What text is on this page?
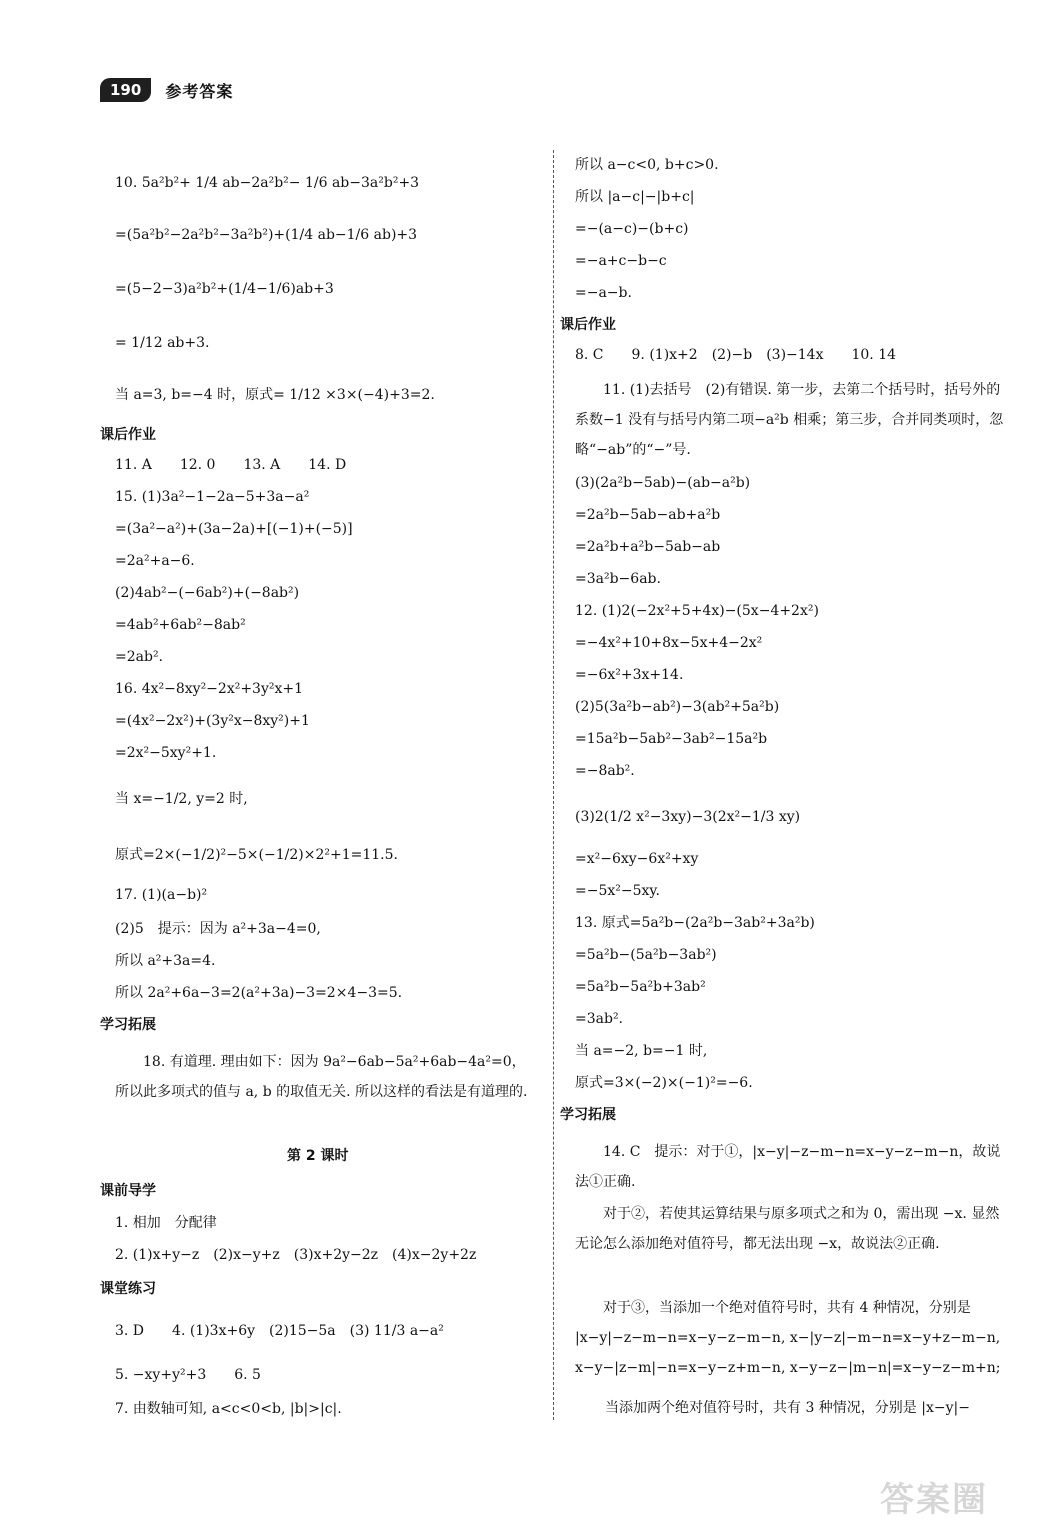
190	参考答案
10. 5a²b²+ 1/4 ab−2a²b²− 1/6 ab−3a²b²+3
=(5a²b²−2a²b²−3a²b²)+(1/4 ab−1/6 ab)+3
=(5−2−3)a²b²+(1/4−1/6)ab+3
= 1/12 ab+3.
当 a=3, b=−4 时，原式= 1/12 ×3×(−4)+3=2.
课后作业
11. A　　12. 0　　13. A　　14. D
15. (1)3a²−1−2a−5+3a−a²
=(3a²−a²)+(3a−2a)+[(−1)+(−5)]
=2a²+a−6.
(2)4ab²−(−6ab²)+(−8ab²)
=4ab²+6ab²−8ab²
=2ab².
16. 4x²−8xy²−2x²+3y²x+1
=(4x²−2x²)+(3y²x−8xy²)+1
=2x²−5xy²+1.
当 x=−1/2, y=2 时,
原式=2×(−1/2)²−5×(−1/2)×2²+1=11.5.
17. (1)(a−b)²
(2)5　提示：因为 a²+3a−4=0,
所以 a²+3a=4.
所以 2a²+6a−3=2(a²+3a)−3=2×4−3=5.
学习拓展
课前导学
1. 相加　分配律
2. (1)x+y−z　(2)x−y+z　(3)x+2y−2z　(4)x−2y+2z
课堂练习
3. D　　4. (1)3x+6y　(2)15−5a　(3) 11/3 a−a²
5. −xy+y²+3　　6. 5
7. 由数轴可知, a<c<0<b, |b|>|c|.
所以 a−c<0, b+c>0.
所以 |a−c|−|b+c|
=−(a−c)−(b+c)
=−a+c−b−c
=−a−b.
课后作业
8. C　　9. (1)x+2　(2)−b　(3)−14x　　10. 14
(3)(2a²b−5ab)−(ab−a²b)
=2a²b−5ab−ab+a²b
=2a²b+a²b−5ab−ab
=3a²b−6ab.
12. (1)2(−2x²+5+4x)−(5x−4+2x²)
=−4x²+10+8x−5x+4−2x²
=−6x²+3x+14.
(2)5(3a²b−ab²)−3(ab²+5a²b)
=15a²b−5ab²−3ab²−15a²b
=−8ab².
(3)2(1/2 x²−3xy)−3(2x²−1/3 xy)
=x²−6xy−6x²+xy
=−5x²−5xy.
13. 原式=5a²b−(2a²b−3ab²+3a²b)
=5a²b−(5a²b−3ab²)
=5a²b−5a²b+3ab²
=3ab².
当 a=−2, b=−1 时,
原式=3×(−2)×(−1)²=−6.
学习拓展
18. 有道理. 理由如下：因为 9a²−6ab−5a²+6ab−4a²=0，所以此多项式的值与 a, b 的取值无关. 所以这样的看法是有道理的.
第 2 课时
11. (1)去括号　(2)有错误. 第一步，去第二个括号时，括号外的系数−1 没有与括号内第二项−a²b 相乘；第三步，合并同类项时，忽略“−ab”的“−”号.
14. C　提示：对于①，|x−y|−z−m−n=x−y−z−m−n，故说法①正确.
对于②，若使其运算结果与原多项式之和为 0，需出现 −x. 显然无论怎么添加绝对值符号，都无法出现 −x，故说法②正确.
对于③，当添加一个绝对值符号时，共有 4 种情况，分别是 |x−y|−z−m−n=x−y−z−m−n, x−|y−z|−m−n=x−y+z−m−n, x−y−|z−m|−n=x−y−z+m−n, x−y−z−|m−n|=x−y−z−m+n;
当添加两个绝对值符号时，共有 3 种情况，分别是 |x−y|−
答案圈
